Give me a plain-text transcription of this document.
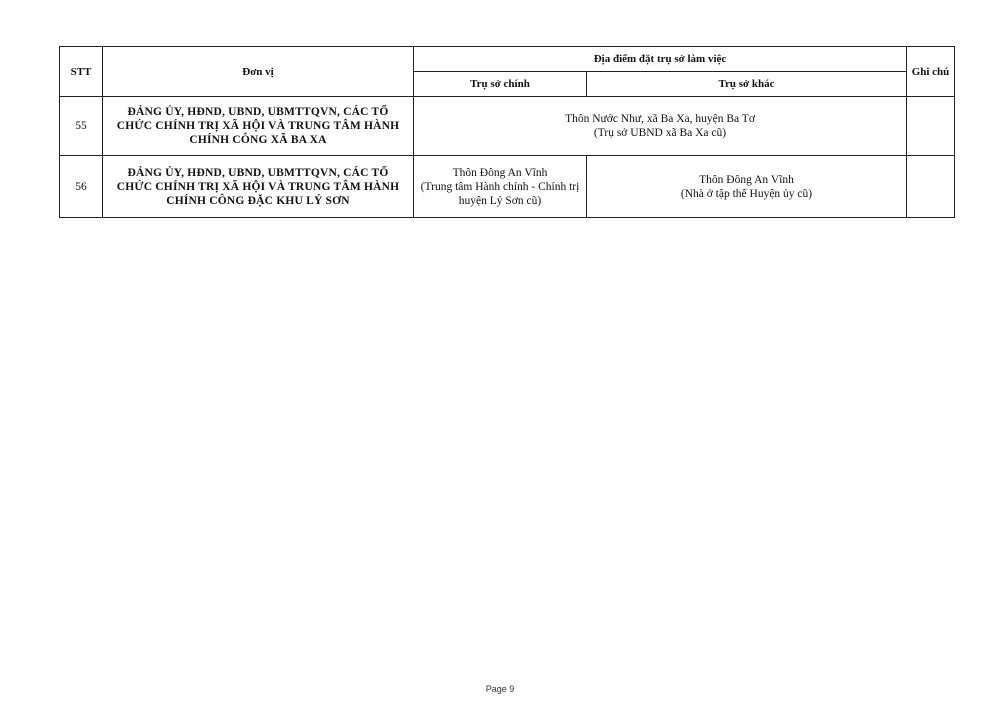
STT	Đơn vị	Địa điểm đặt trụ sở làm việc		Ghi chú
		Trụ sở chính	Trụ sở khác	
55	ĐẢNG ỦY, HĐND, UBND, UBMTTQVN, CÁC TỔ
CHỨC CHÍNH TRỊ XÃ HỘI VÀ TRUNG TÂM HÀNH
CHÍNH CÔNG XÃ BA XA	Thôn Nước Như, xã Ba Xa, huyện Ba Tơ
(Trụ sở UBND xã Ba Xa cũ)		

56	ĐẢNG ỦY, HĐND, UBND, UBMTTQVN, CÁC TỔ
CHỨC CHÍNH TRỊ XÃ HỘI VÀ TRUNG TÂM HÀNH
CHÍNH CÔNG ĐẶC KHU LÝ SƠN	Thôn Đông An Vĩnh
(Trung tâm Hành chính - Chính trị
huyện Lý Sơn cũ)	Thôn Đông An Vĩnh
(Nhà ở tập thể Huyện ủy cũ)	

Page 9
